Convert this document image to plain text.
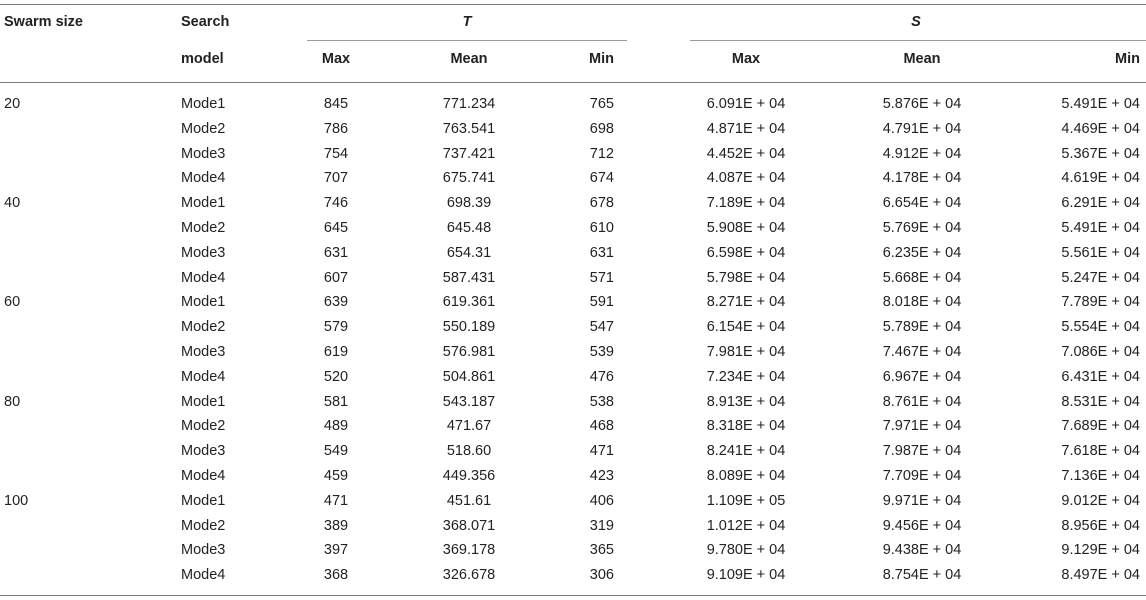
Swarm size	Search
model
T	S
Max	Mean	Min	Max	Mean	Min
20	Mode1	845	771.234	765	6.091E + 04	5.876E + 04	5.491E + 04
Mode2	786	763.541	698	4.871E + 04	4.791E + 04	4.469E + 04
Mode3	754	737.421	712	4.452E + 04	4.912E + 04	5.367E + 04
Mode4	707	675.741	674	4.087E + 04	4.178E + 04	4.619E + 04
40	Mode1	746	698.39	678	7.189E + 04	6.654E + 04	6.291E + 04
Mode2	645	645.48	610	5.908E + 04	5.769E + 04	5.491E + 04
Mode3	631	654.31	631	6.598E + 04	6.235E + 04	5.561E + 04
Mode4	607	587.431	571	5.798E + 04	5.668E + 04	5.247E + 04
60	Mode1	639	619.361	591	8.271E + 04	8.018E + 04	7.789E + 04
Mode2	579	550.189	547	6.154E + 04	5.789E + 04	5.554E + 04
Mode3	619	576.981	539	7.981E + 04	7.467E + 04	7.086E + 04
Mode4	520	504.861	476	7.234E + 04	6.967E + 04	6.431E + 04
80	Mode1	581	543.187	538	8.913E + 04	8.761E + 04	8.531E + 04
Mode2	489	471.67	468	8.318E + 04	7.971E + 04	7.689E + 04
Mode3	549	518.60	471	8.241E + 04	7.987E + 04	7.618E + 04
Mode4	459	449.356	423	8.089E + 04	7.709E + 04	7.136E + 04
100	Mode1	471	451.61	406	1.109E + 05	9.971E + 04	9.012E + 04
Mode2	389	368.071	319	1.012E + 04	9.456E + 04	8.956E + 04
Mode3	397	369.178	365	9.780E + 04	9.438E + 04	9.129E + 04
Mode4	368	326.678	306	9.109E + 04	8.754E + 04	8.497E + 04
